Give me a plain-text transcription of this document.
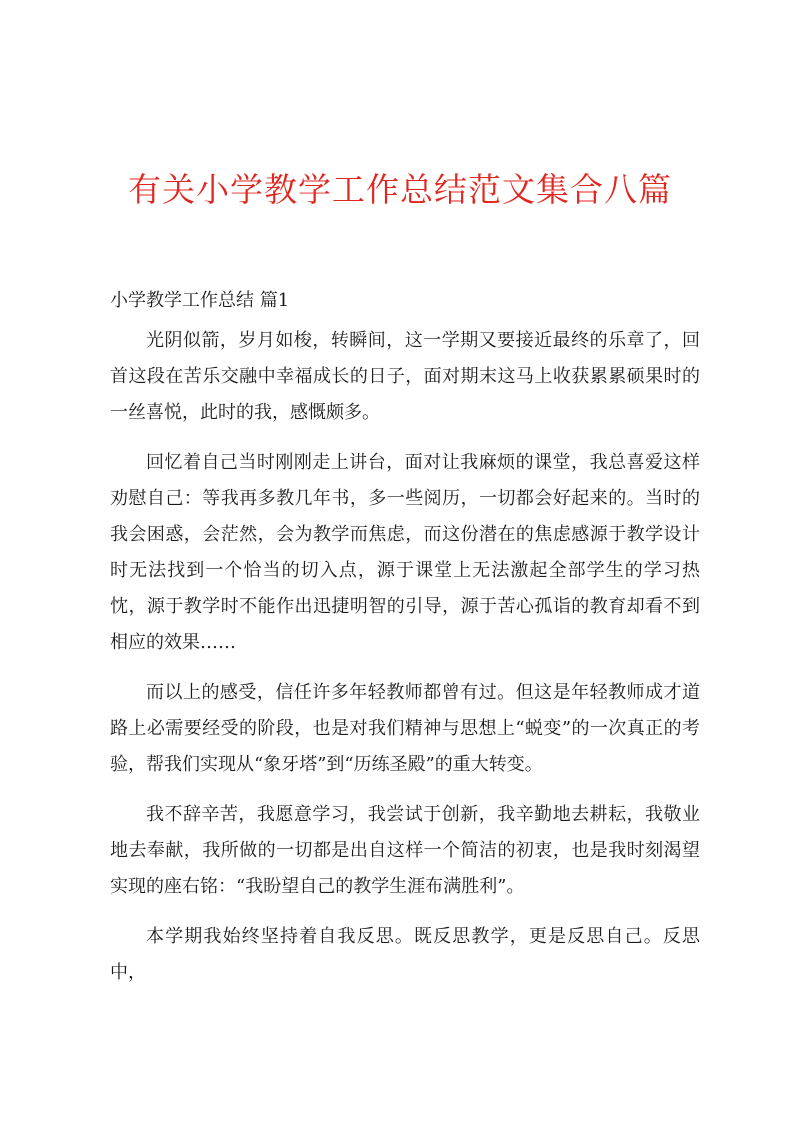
有关小学教学工作总结范文集合八篇
小学教学工作总结 篇1

光阴似箭，岁月如梭，转瞬间，这一学期又要接近最终的乐章了，回首这段在苦乐交融中幸福成长的日子，面对期末这马上收获累累硕果时的一丝喜悦，此时的我，感慨颇多。

回忆着自己当时刚刚走上讲台，面对让我麻烦的课堂，我总喜爱这样劝慰自己：等我再多教几年书，多一些阅历，一切都会好起来的。当时的我会困惑，会茫然，会为教学而焦虑，而这份潜在的焦虑感源于教学设计时无法找到一个恰当的切入点，源于课堂上无法激起全部学生的学习热忱，源于教学时不能作出迅捷明智的引导，源于苦心孤诣的教育却看不到相应的效果……

而以上的感受，信任许多年轻教师都曾有过。但这是年轻教师成才道路上必需要经受的阶段，也是对我们精神与思想上“蜕变”的一次真正的考验，帮我们实现从“象牙塔”到“历练圣殿”的重大转变。

我不辞辛苦，我愿意学习，我尝试于创新，我辛勤地去耕耘，我敬业地去奉献，我所做的一切都是出自这样一个简洁的初衷，也是我时刻渴望实现的座右铭：“我盼望自己的教学生涯布满胜利”。

本学期我始终坚持着自我反思。既反思教学，更是反思自己。反思中，
